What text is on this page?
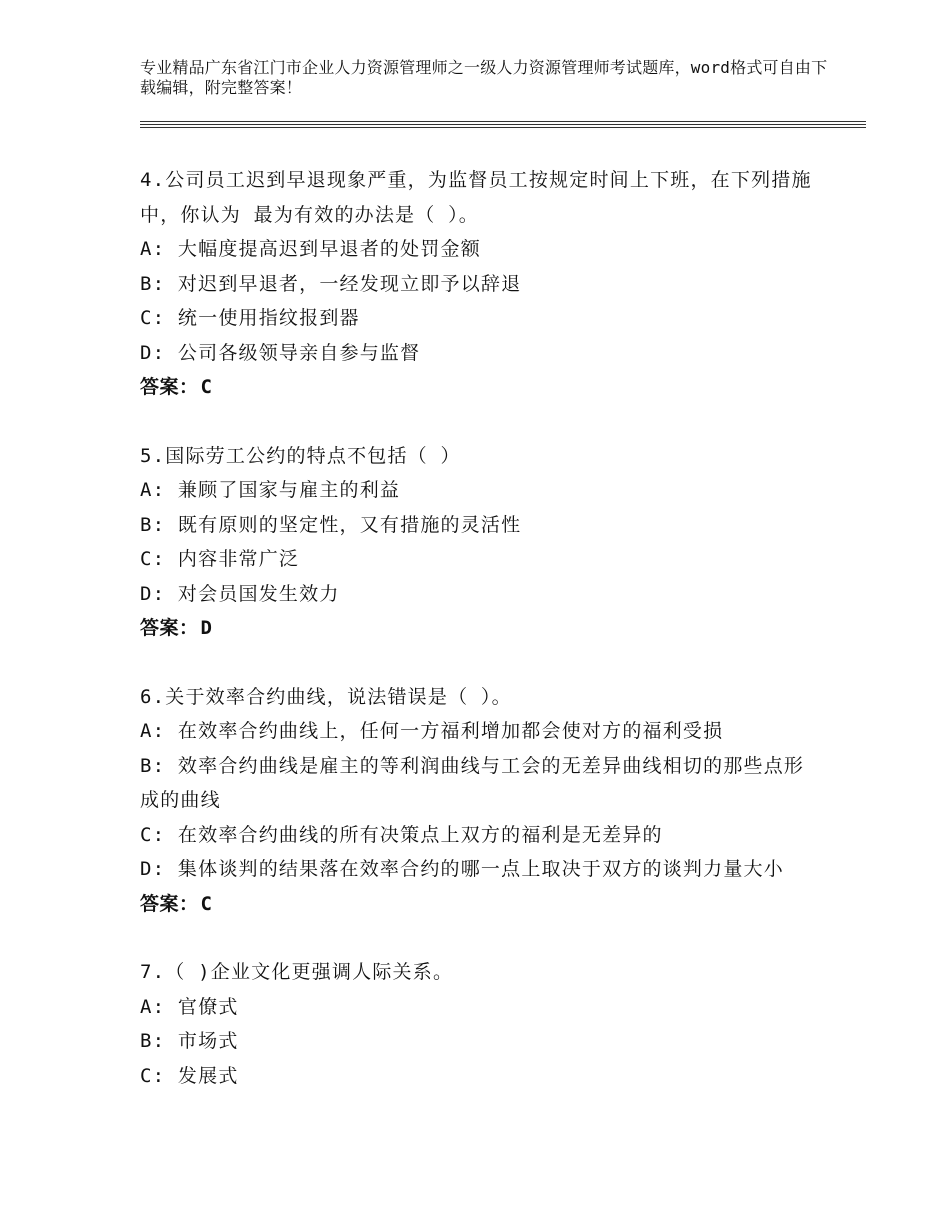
专业精品广东省江门市企业人力资源管理师之一级人力资源管理师考试题库，word格式可自由下载编辑，附完整答案！
4.公司员工迟到早退现象严重，为监督员工按规定时间上下班，在下列措施中，你认为 最为有效的办法是（ ）。
A: 大幅度提高迟到早退者的处罚金额
B: 对迟到早退者，一经发现立即予以辞退
C: 统一使用指纹报到器
D: 公司各级领导亲自参与监督
答案： C
5.国际劳工公约的特点不包括（ ）
A: 兼顾了国家与雇主的利益
B: 既有原则的坚定性，又有措施的灵活性
C: 内容非常广泛
D: 对会员国发生效力
答案： D
6.关于效率合约曲线，说法错误是（ ）。
A: 在效率合约曲线上，任何一方福利增加都会使对方的福利受损
B: 效率合约曲线是雇主的等利润曲线与工会的无差异曲线相切的那些点形成的曲线
C: 在效率合约曲线的所有决策点上双方的福利是无差异的
D: 集体谈判的结果落在效率合约的哪一点上取决于双方的谈判力量大小
答案： C
7.（ )企业文化更强调人际关系。
A: 官僚式
B: 市场式
C: 发展式
